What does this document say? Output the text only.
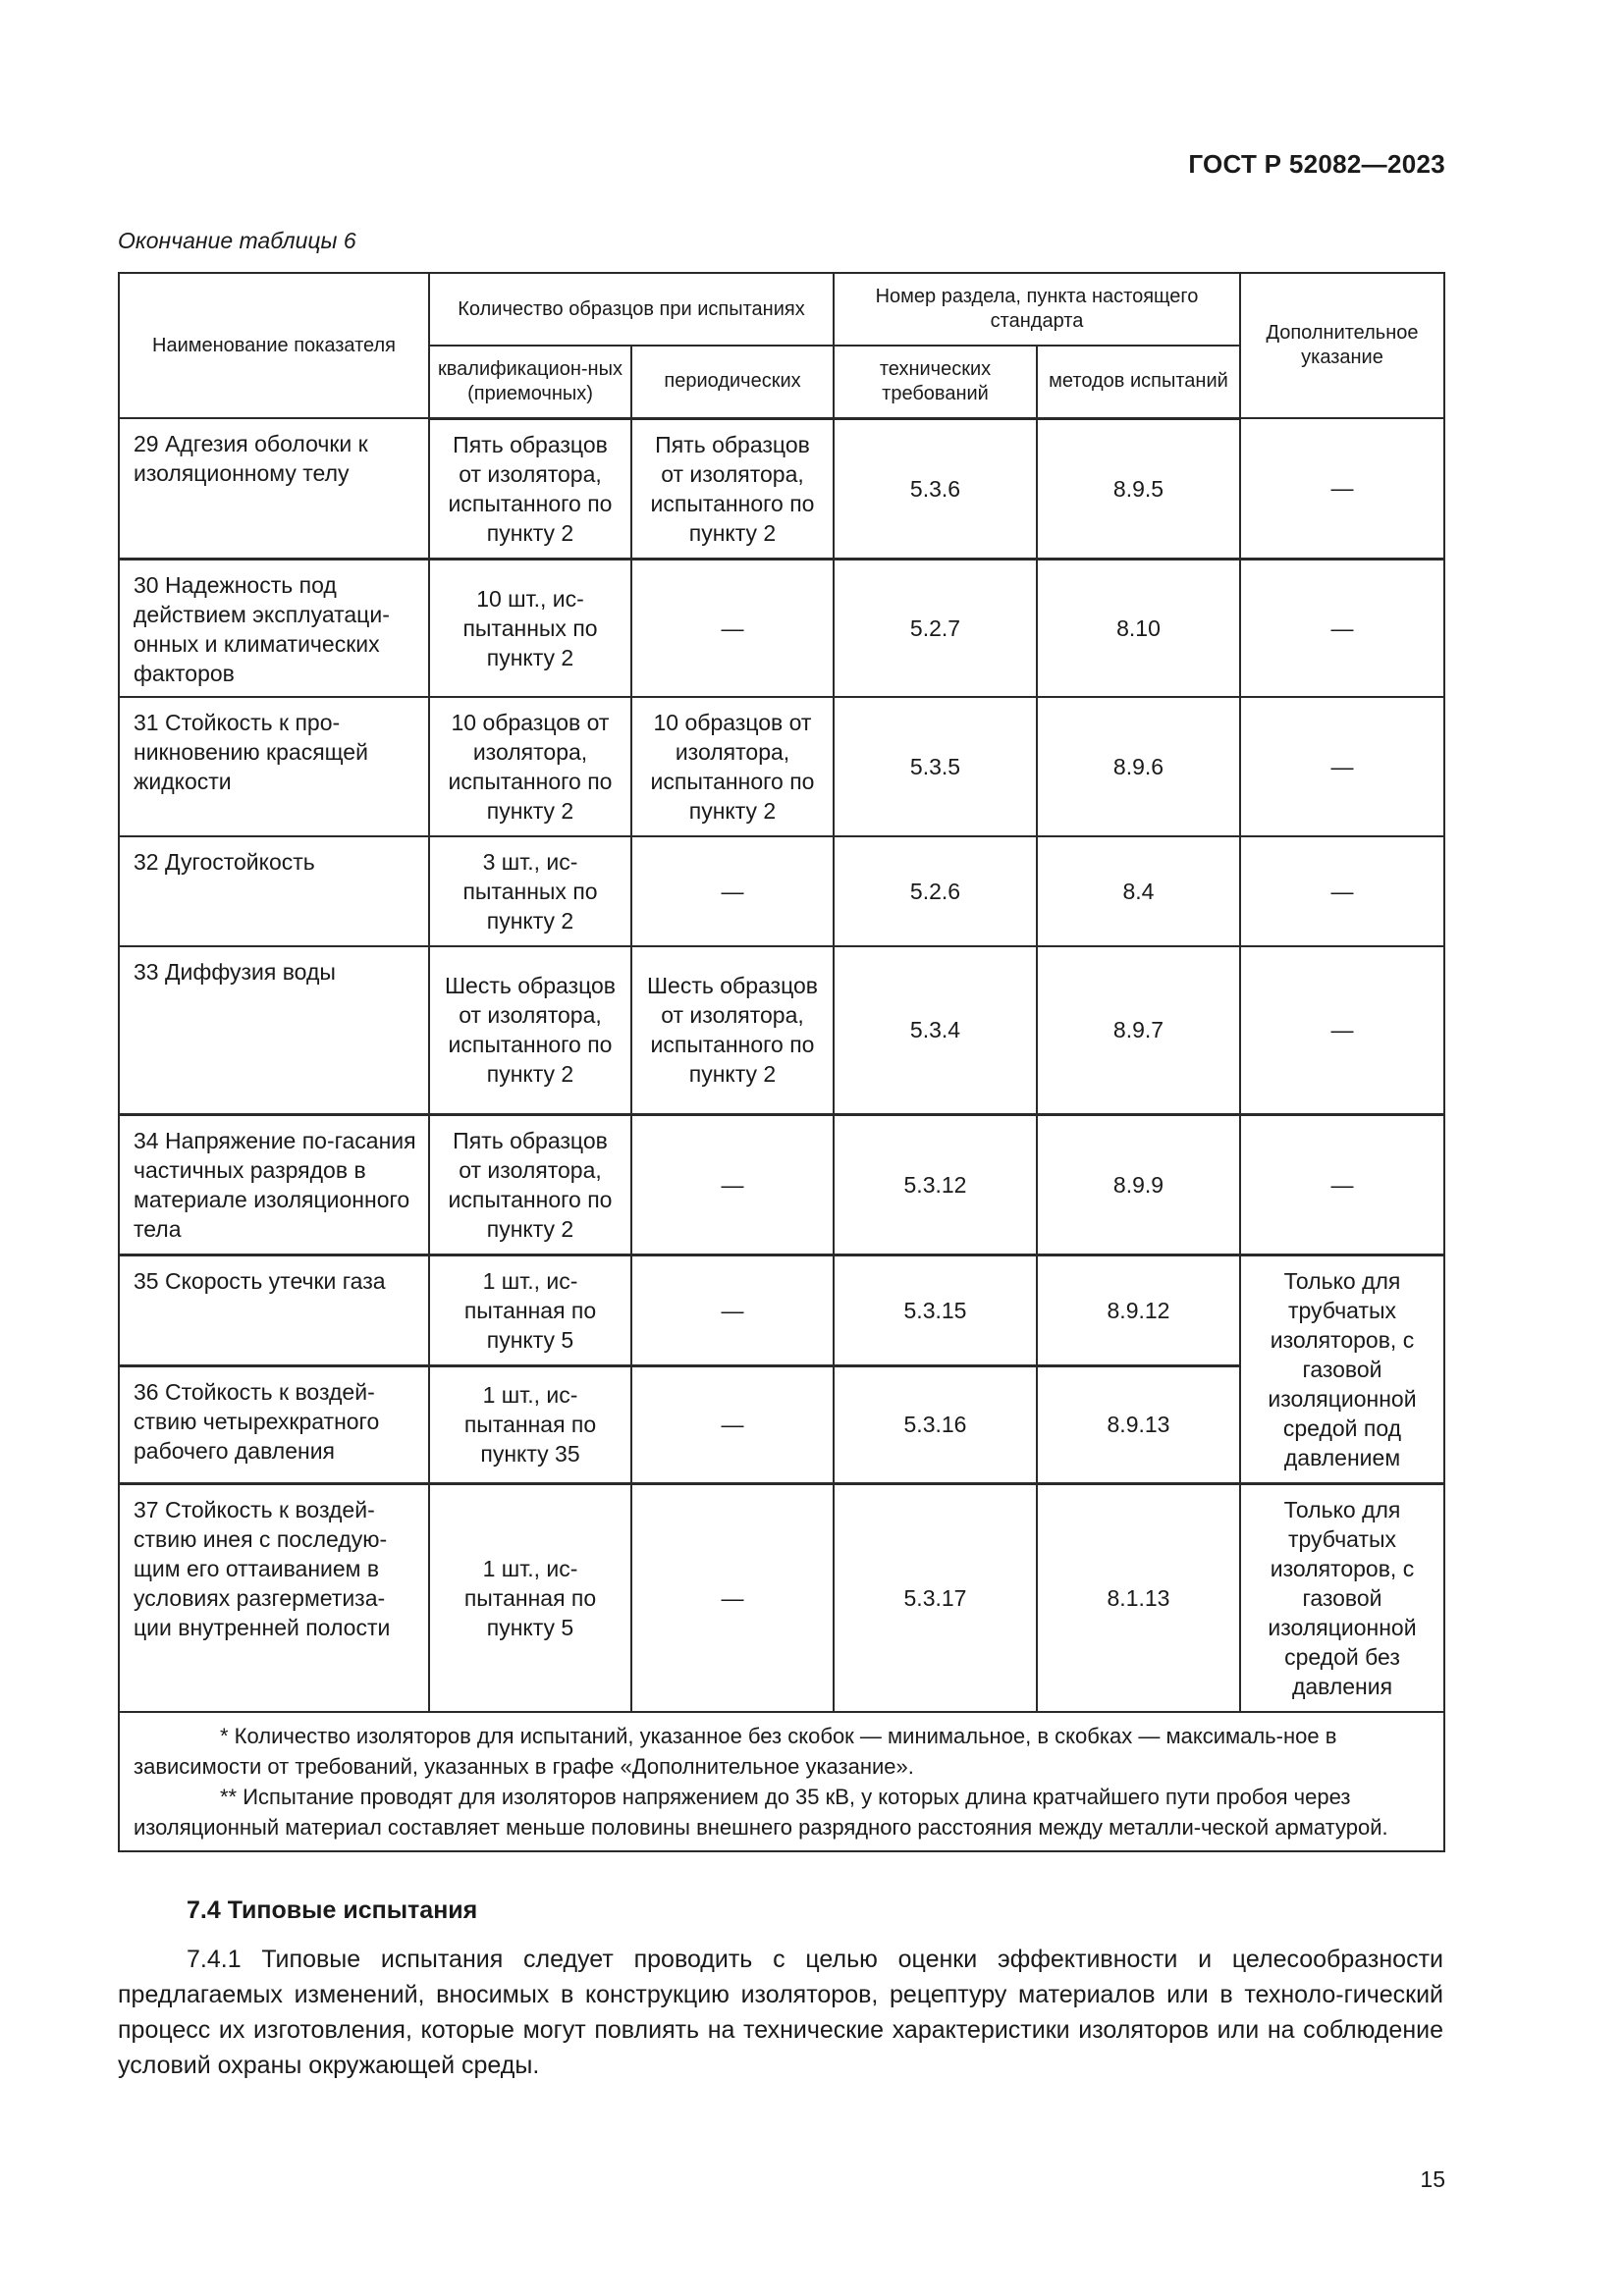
ГОСТ Р 52082—2023
Окончание таблицы 6
Наименование показателя	Количество образцов при испытаниях		Номер раздела, пункта настоящего стандарта		Дополнительное указание
	квалификацион-ных (приемочных)	периодических	технических требований	методов испытаний	
29 Адгезия оболочки к изоляционному телу	Пять образцов от изолятора, испытанного по пункту 2	Пять образцов от изолятора, испытанного по пункту 2	5.3.6	8.9.5	—
30 Надежность под действием эксплуатаци-онных и климатических факторов	10 шт., ис-пытанных по пункту 2	—	5.2.7	8.10	—
31 Стойкость к про-никновению красящей жидкости	10 образцов от изолятора, испытанного по пункту 2	10 образцов от изолятора, испытанного по пункту 2	5.3.5	8.9.6	—
32 Дугостойкость	3 шт., ис-пытанных по пункту 2	—	5.2.6	8.4	—
33 Диффузия воды	Шесть образцов от изолятора, испытанного по пункту 2	Шесть образцов от изолятора, испытанного по пункту 2	5.3.4	8.9.7	—
34 Напряжение по-гасания частичных разрядов в материале изоляционного тела	Пять образцов от изолятора, испытанного по пункту 2	—	5.3.12	8.9.9	—
35 Скорость утечки газа	1 шт., ис-пытанная по пункту 5	—	5.3.15	8.9.12	Только для трубчатых изоляторов, с газовой изоляционной средой под давлением
36 Стойкость к воздей-ствию четырехкратного рабочего давления	1 шт., ис-пытанная по пункту 35	—	5.3.16	8.9.13	
37 Стойкость к воздей-ствию инея с последую-щим его оттаиванием в условиях разгерметиза-ции внутренней полости	1 шт., ис-пытанная по пункту 5	—	5.3.17	8.1.13	Только для трубчатых изоляторов, с газовой изоляционной средой без давления

* Количество изоляторов для испытаний, указанное без скобок — минимальное, в скобках — максималь-ное в зависимости от требований, указанных в графе «Дополнительное указание».
** Испытание проводят для изоляторов напряжением до 35 кВ, у которых длина кратчайшего пути пробоя через изоляционный материал составляет меньше половины внешнего разрядного расстояния между металли-ческой арматурой.					
7.4 Типовые испытания

7.4.1 Типовые испытания следует проводить с целью оценки эффективности и целесообразности предлагаемых изменений, вносимых в конструкцию изоляторов, рецептуру материалов или в техноло-гический процесс их изготовления, которые могут повлиять на технические характеристики изоляторов или на соблюдение условий охраны окружающей среды.

15
